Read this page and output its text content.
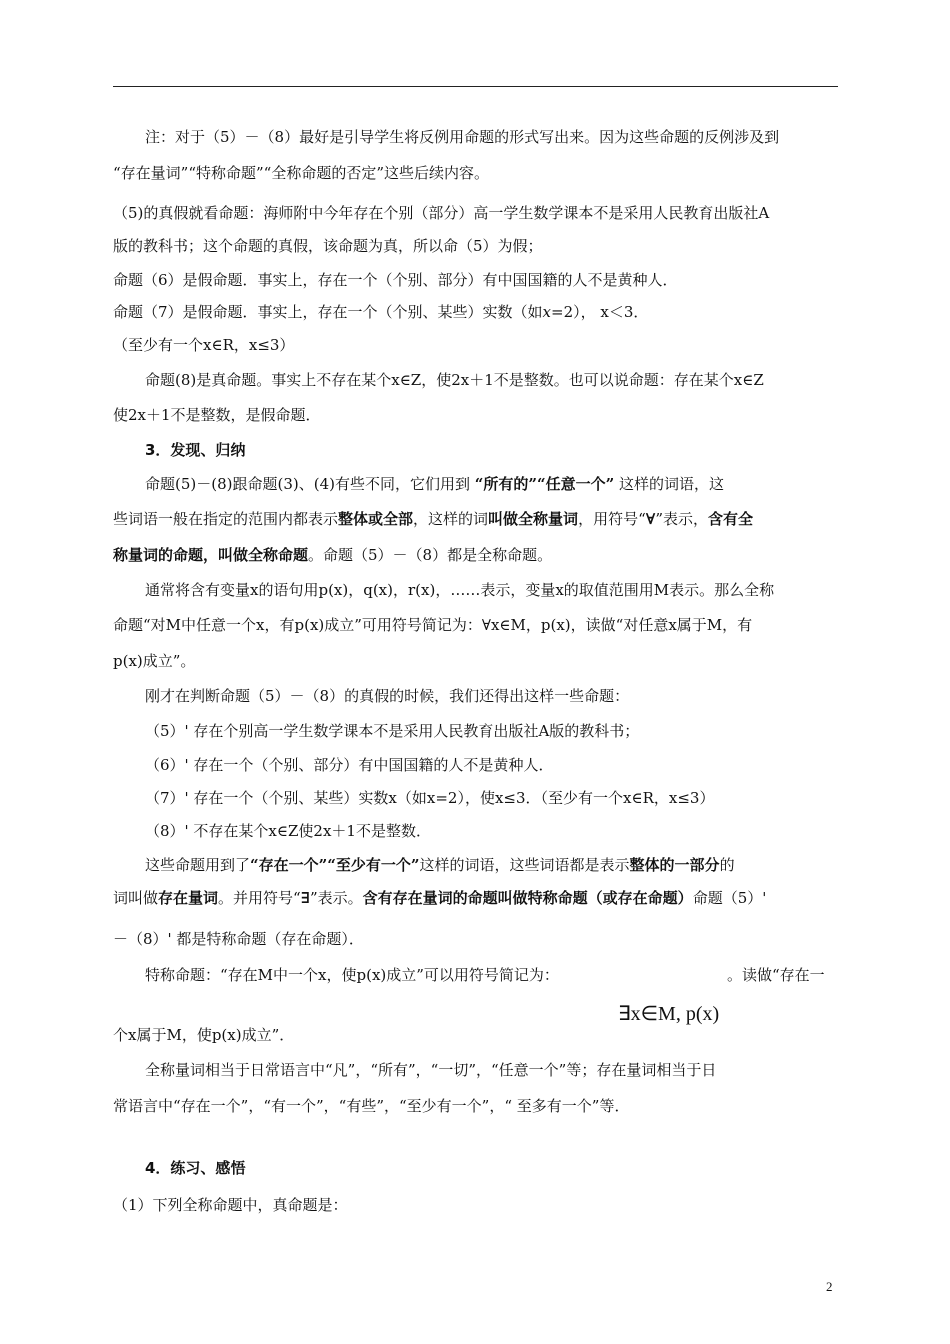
注：对于（5）－（8）最好是引导学生将反例用命题的形式写出来。因为这些命题的反例涉及到
“存在量词”“特称命题”“全称命题的否定”这些后续内容。
（5)的真假就看命题：海师附中今年存在个别（部分）高一学生数学课本不是采用人民教育出版社A
版的教科书；这个命题的真假，该命题为真，所以命（5）为假；
命题（6）是假命题．事实上，存在一个（个别、部分）有中国国籍的人不是黄种人．
命题（7）是假命题．事实上，存在一个（个别、某些）实数（如x=2）， x＜3．
（至少有一个x∈R，x≤3）
命题(8)是真命题。事实上不存在某个x∈Z，使2x＋1不是整数。也可以说命题：存在某个x∈Z
使2x＋1不是整数，是假命题．
3．发现、归纳
命题(5)－(8)跟命题(3)、(4)有些不同，它们用到 “所有的”“任意一个” 这样的词语，这
些词语一般在指定的范围内都表示整体或全部，这样的词叫做全称量词，用符号“∀”表示，含有全
称量词的命题，叫做全称命题。命题（5）－（8）都是全称命题。
通常将含有变量x的语句用p(x)，q(x)，r(x)，……表示，变量x的取值范围用M表示。那么全称
命题“对M中任意一个x，有p(x)成立”可用符号简记为：∀x∈M，p(x)，读做“对任意x属于M，有
p(x)成立”。
刚才在判断命题（5）－（8）的真假的时候，我们还得出这样一些命题：
（5）' 存在个别高一学生数学课本不是采用人民教育出版社A版的教科书；
（6）' 存在一个（个别、部分）有中国国籍的人不是黄种人．
（7）' 存在一个（个别、某些）实数x（如x=2），使x≤3．（至少有一个x∈R，x≤3）
（8）' 不存在某个x∈Z使2x＋1不是整数．
这些命题用到了“存在一个”“至少有一个”这样的词语，这些词语都是表示整体的一部分的
词叫做存在量词。并用符号“∃”表示。含有存在量词的命题叫做特称命题（或存在命题）命题（5）'
－（8）' 都是特称命题（存在命题）．
特称命题：“存在M中一个x，使p(x)成立”可以用符号简记为：
∃x∈M, p(x)
。读做“存在一
个x属于M，使p(x)成立”．
全称量词相当于日常语言中“凡”，“所有”，“一切”，“任意一个”等；存在量词相当于日
常语言中“存在一个”，“有一个”，“有些”，“至少有一个”，“ 至多有一个”等．
4．练习、感悟
（1）下列全称命题中，真命题是：
2
